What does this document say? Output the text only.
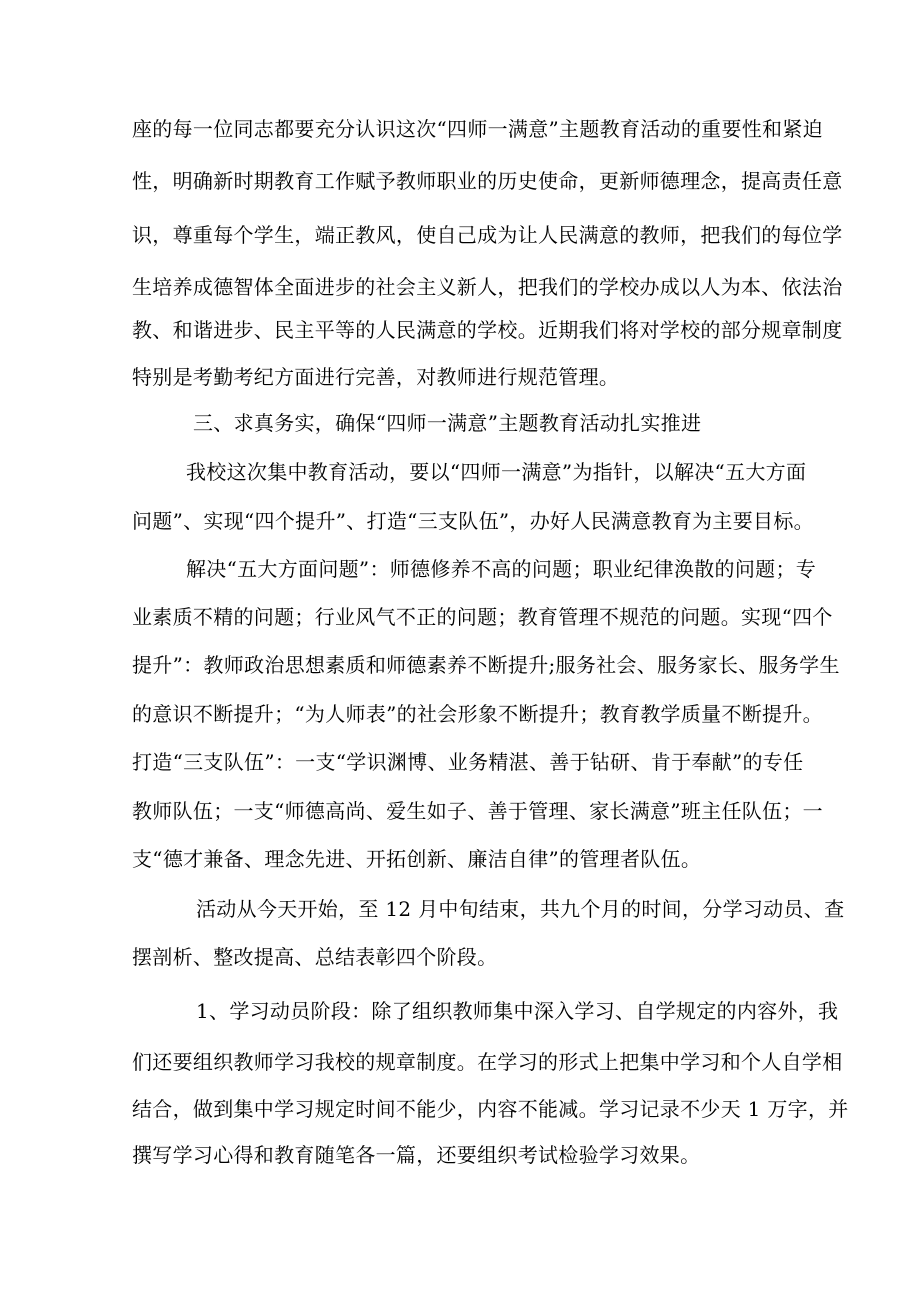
座的每一位同志都要充分认识这次“四师一满意”主题教育活动的重要性和紧迫
性，明确新时期教育工作赋予教师职业的历史使命，更新师德理念，提高责任意
识，尊重每个学生，端正教风，使自己成为让人民满意的教师，把我们的每位学
生培养成德智体全面进步的社会主义新人，把我们的学校办成以人为本、依法治
教、和谐进步、民主平等的人民满意的学校。近期我们将对学校的部分规章制度
特别是考勤考纪方面进行完善，对教师进行规范管理。
三、求真务实，确保“四师一满意”主题教育活动扎实推进
我校这次集中教育活动，要以“四师一满意”为指针，以解决“五大方面
问题”、实现“四个提升”、打造“三支队伍”，办好人民满意教育为主要目标。
解决“五大方面问题”：师德修养不高的问题；职业纪律涣散的问题；专
业素质不精的问题；行业风气不正的问题；教育管理不规范的问题。实现“四个
提升”：教师政治思想素质和师德素养不断提升;服务社会、服务家长、服务学生
的意识不断提升；“为人师表”的社会形象不断提升；教育教学质量不断提升。
打造“三支队伍”：一支“学识渊博、业务精湛、善于钻研、肯于奉献”的专任
教师队伍；一支“师德高尚、爱生如子、善于管理、家长满意”班主任队伍；一
支“德才兼备、理念先进、开拓创新、廉洁自律”的管理者队伍。
活动从今天开始，至 12 月中旬结束，共九个月的时间，分学习动员、查
摆剖析、整改提高、总结表彰四个阶段。
1、学习动员阶段：除了组织教师集中深入学习、自学规定的内容外，我
们还要组织教师学习我校的规章制度。在学习的形式上把集中学习和个人自学相
结合，做到集中学习规定时间不能少，内容不能减。学习记录不少天 1 万字，并
撰写学习心得和教育随笔各一篇，还要组织考试检验学习效果。
